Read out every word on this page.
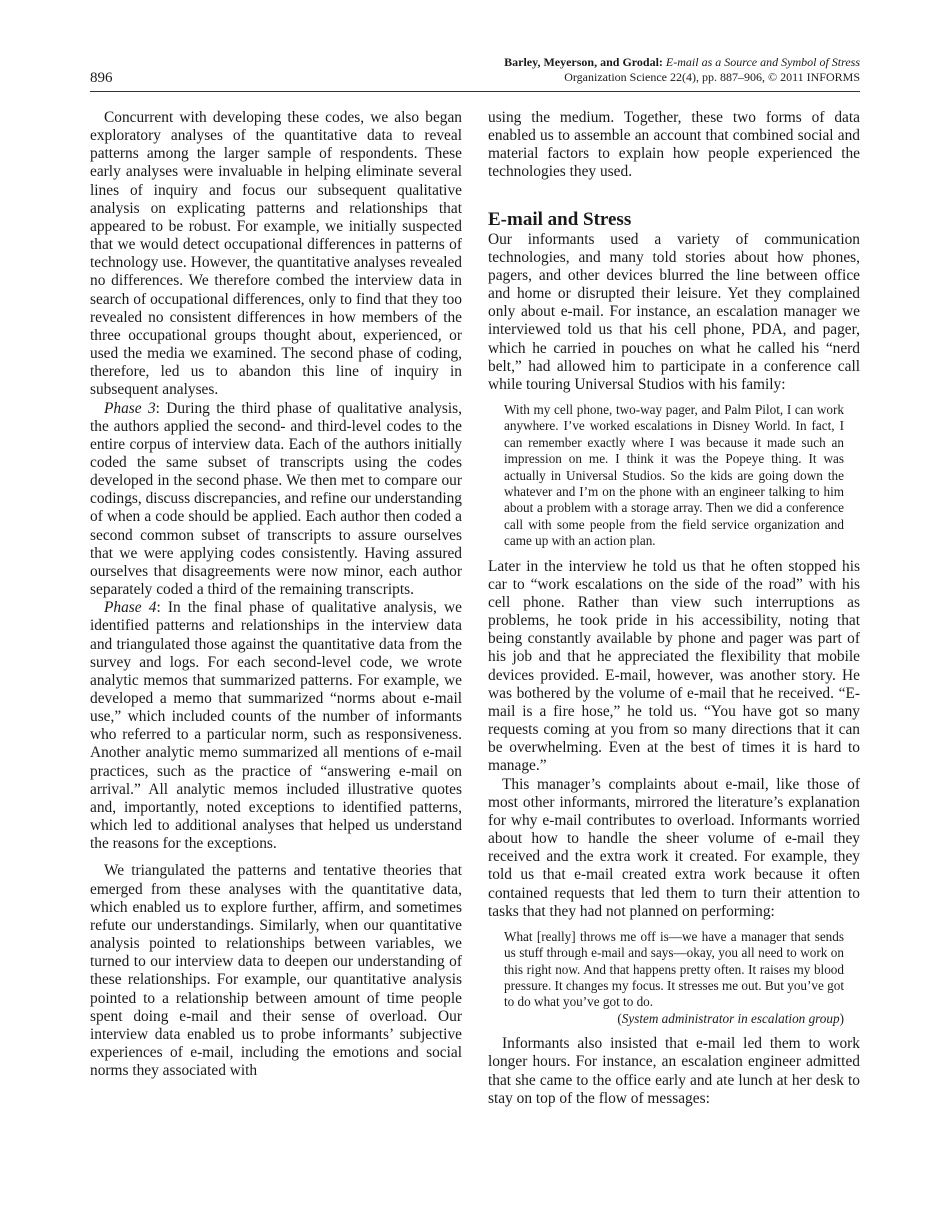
896
Barley, Meyerson, and Grodal: E-mail as a Source and Symbol of Stress
Organization Science 22(4), pp. 887–906, © 2011 INFORMS

Concurrent with developing these codes, we also began exploratory analyses of the quantitative data to reveal patterns among the larger sample of respondents. These early analyses were invaluable in helping eliminate several lines of inquiry and focus our subsequent qualitative analysis on explicating patterns and relationships that appeared to be robust. For example, we initially suspected that we would detect occupational differences in patterns of technology use. However, the quantitative analyses revealed no differences. We therefore combed the interview data in search of occupational differences, only to find that they too revealed no consistent differences in how members of the three occupational groups thought about, experienced, or used the media we examined. The second phase of coding, therefore, led us to abandon this line of inquiry in subsequent analyses.

Phase 3: During the third phase of qualitative analysis, the authors applied the second- and third-level codes to the entire corpus of interview data. Each of the authors initially coded the same subset of transcripts using the codes developed in the second phase. We then met to compare our codings, discuss discrepancies, and refine our understanding of when a code should be applied. Each author then coded a second common subset of transcripts to assure ourselves that we were applying codes consistently. Having assured ourselves that disagreements were now minor, each author separately coded a third of the remaining transcripts.

Phase 4: In the final phase of qualitative analysis, we identified patterns and relationships in the interview data and triangulated those against the quantitative data from the survey and logs. For each second-level code, we wrote analytic memos that summarized patterns. For example, we developed a memo that summarized “norms about e-mail use,” which included counts of the number of informants who referred to a particular norm, such as responsiveness. Another analytic memo summarized all mentions of e-mail practices, such as the practice of “answering e-mail on arrival.” All analytic memos included illustrative quotes and, importantly, noted exceptions to identified patterns, which led to additional analyses that helped us understand the reasons for the exceptions.

We triangulated the patterns and tentative theories that emerged from these analyses with the quantitative data, which enabled us to explore further, affirm, and sometimes refute our understandings. Similarly, when our quantitative analysis pointed to relationships between variables, we turned to our interview data to deepen our understanding of these relationships. For example, our quantitative analysis pointed to a relationship between amount of time people spent doing e-mail and their sense of overload. Our interview data enabled us to probe informants’ subjective experiences of e-mail, including the emotions and social norms they associated with

using the medium. Together, these two forms of data enabled us to assemble an account that combined social and material factors to explain how people experienced the technologies they used.

E-mail and Stress

Our informants used a variety of communication technologies, and many told stories about how phones, pagers, and other devices blurred the line between office and home or disrupted their leisure. Yet they complained only about e-mail. For instance, an escalation manager we interviewed told us that his cell phone, PDA, and pager, which he carried in pouches on what he called his “nerd belt,” had allowed him to participate in a conference call while touring Universal Studios with his family:

With my cell phone, two-way pager, and Palm Pilot, I can work anywhere. I’ve worked escalations in Disney World. In fact, I can remember exactly where I was because it made such an impression on me. I think it was the Popeye thing. It was actually in Universal Studios. So the kids are going down the whatever and I’m on the phone with an engineer talking to him about a problem with a storage array. Then we did a conference call with some people from the field service organization and came up with an action plan.

Later in the interview he told us that he often stopped his car to “work escalations on the side of the road” with his cell phone. Rather than view such interruptions as problems, he took pride in his accessibility, noting that being constantly available by phone and pager was part of his job and that he appreciated the flexibility that mobile devices provided. E-mail, however, was another story. He was bothered by the volume of e-mail that he received. “E-mail is a fire hose,” he told us. “You have got so many requests coming at you from so many directions that it can be overwhelming. Even at the best of times it is hard to manage.”

This manager’s complaints about e-mail, like those of most other informants, mirrored the literature’s explanation for why e-mail contributes to overload. Informants worried about how to handle the sheer volume of e-mail they received and the extra work it created. For example, they told us that e-mail created extra work because it often contained requests that led them to turn their attention to tasks that they had not planned on performing:

What [really] throws me off is—we have a manager that sends us stuff through e-mail and says—okay, you all need to work on this right now. And that happens pretty often. It raises my blood pressure. It changes my focus. It stresses me out. But you’ve got to do what you’ve got to do.
(System administrator in escalation group)

Informants also insisted that e-mail led them to work longer hours. For instance, an escalation engineer admitted that she came to the office early and ate lunch at her desk to stay on top of the flow of messages:
